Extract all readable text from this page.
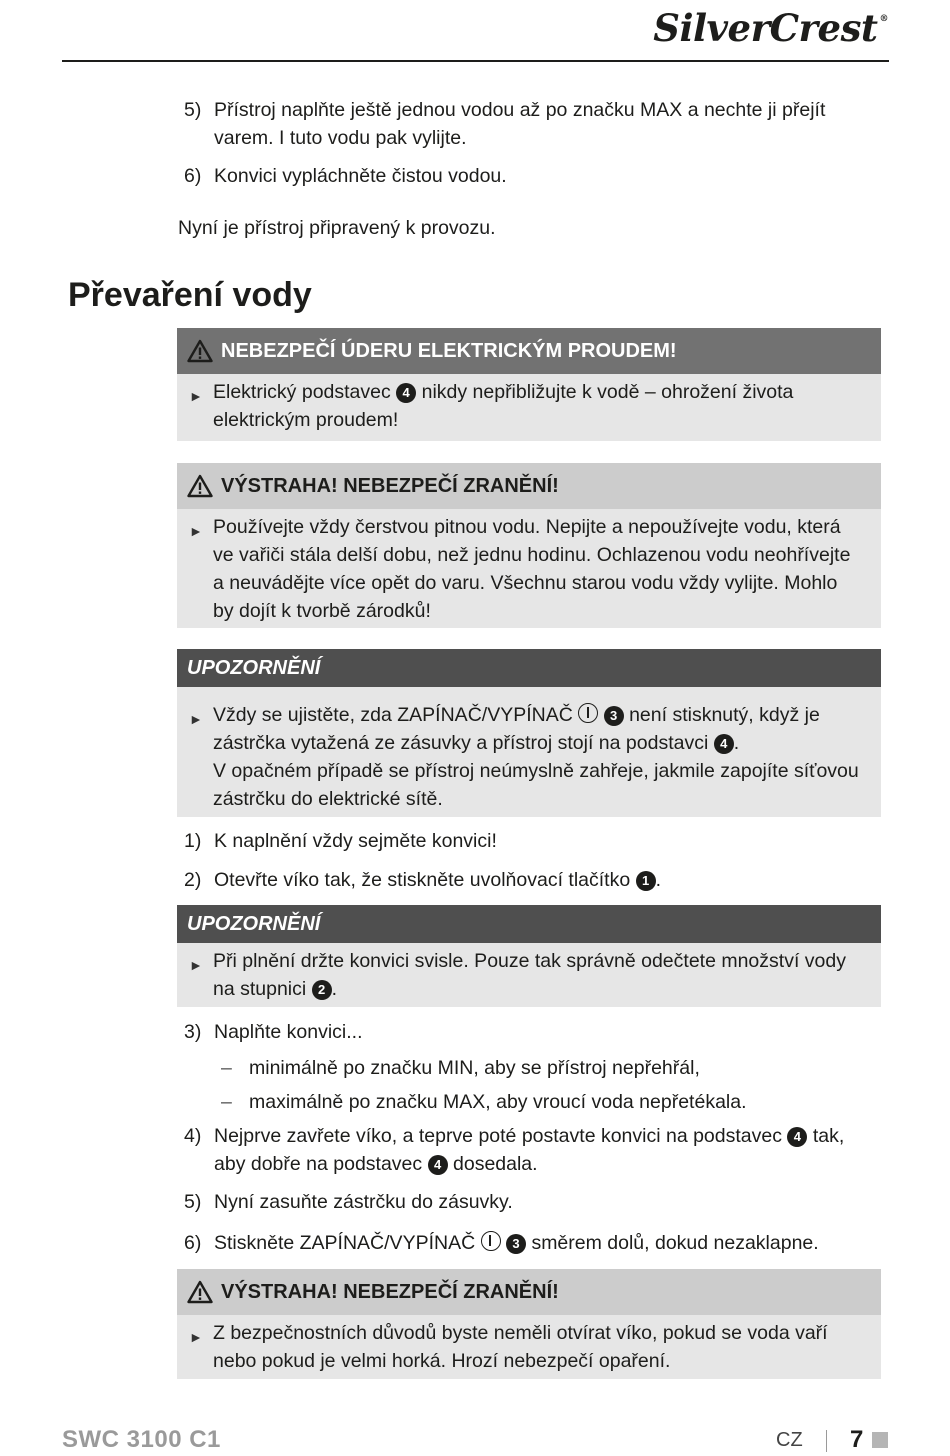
SilverCrest ®
5) Přístroj naplňte ještě jednou vodou až po značku MAX a nechte ji přejít varem. I tuto vodu pak vylijte.
6) Konvici vypláchněte čistou vodou.
Nyní je přístroj připravený k provozu.
Převaření vody
NEBEZPEČÍ ÚDERU ELEKTRICKÝM PROUDEM!
► Elektrický podstavec 4 nikdy nepřibližujte k vodě – ohrožení života elektrickým proudem!
VÝSTRAHA! NEBEZPEČÍ ZRANĚNÍ!
► Používejte vždy čerstvou pitnou vodu. Nepijte a nepoužívejte vodu, která ve vařiči stála delší dobu, než jednu hodinu. Ochlazenou vodu neohřívejte a neuvádějte více opět do varu. Všechnu starou vodu vždy vylijte. Mohlo by dojít k tvorbě zárodků!
UPOZORNĚNÍ
► Vždy se ujistěte, zda ZAPÍNAČ/VYPÍNAČ	3 není stisknutý, když je zástrčka vytažená ze zásuvky a přístroj stojí na podstavci 4 .
V opačném případě se přístroj neúmyslně zahřeje, jakmile zapojíte síťovou zástrčku do elektrické sítě.
1) K naplnění vždy sejměte konvici!
2) Otevřte víko tak, že stiskněte uvolňovací tlačítko 1 .
UPOZORNĚNÍ
► Při plnění držte konvici svisle. Pouze tak správně odečtete množství vody na stupnici 2 .
3) Naplňte konvici...
– minimálně po značku MIN, aby se přístroj nepřehřál,
– maximálně po značku MAX, aby vroucí voda nepřetékala.
4) Nejprve zavřete víko, a teprve poté postavte konvici na podstavec 4 tak, aby dobře na podstavec 4 dosedala.
5) Nyní zasuňte zástrčku do zásuvky.
6) Stiskněte ZAPÍNAČ/VYPÍNAČ	3 směrem dolů, dokud nezaklapne.
VÝSTRAHA! NEBEZPEČÍ ZRANĚNÍ!
► Z bezpečnostních důvodů byste neměli otvírat víko, pokud se voda vaří nebo pokud je velmi horká. Hrozí nebezpečí opaření.
SWC 3100 C1	CZ 7
